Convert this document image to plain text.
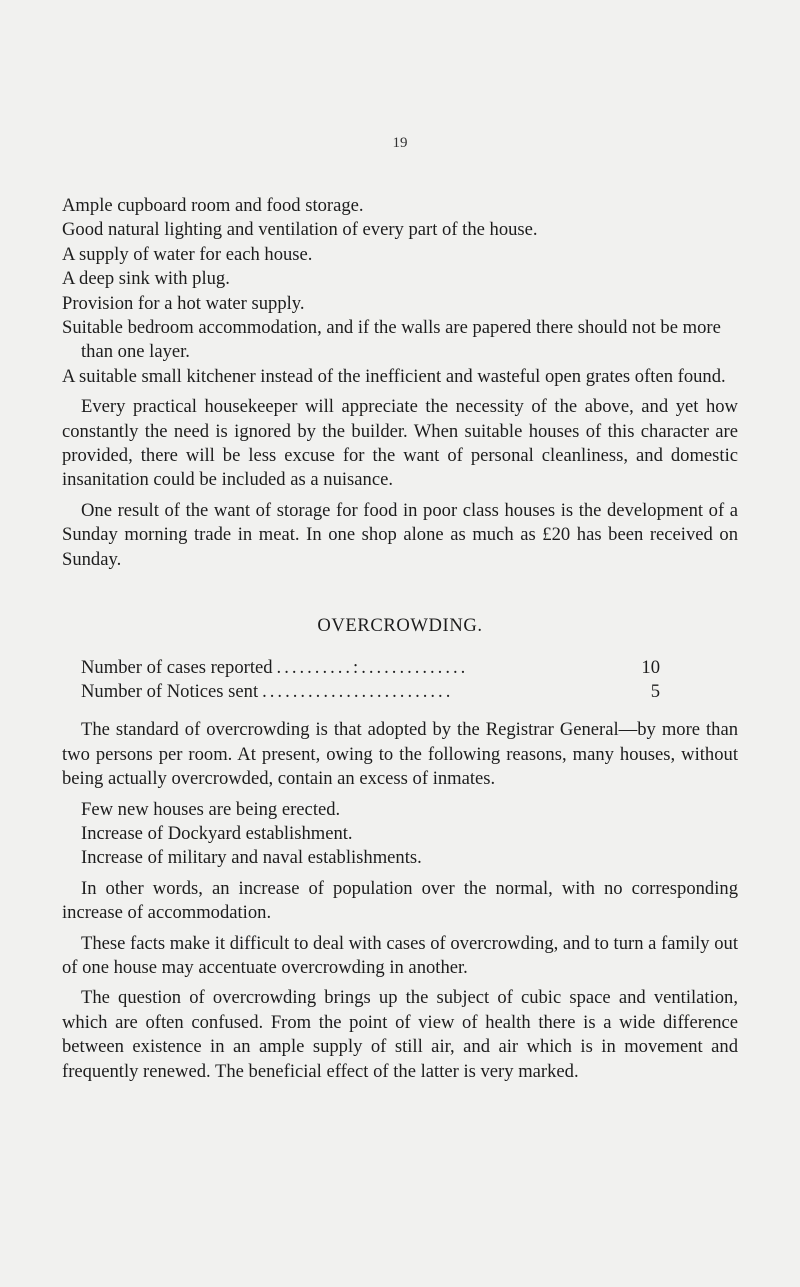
19
Ample cupboard room and food storage.
Good natural lighting and ventilation of every part of the house.
A supply of water for each house.
A deep sink with plug.
Provision for a hot water supply.
Suitable bedroom accommodation, and if the walls are papered there should not be more than one layer.
A suitable small kitchener instead of the inefficient and wasteful open grates often found.
Every practical housekeeper will appreciate the necessity of the above, and yet how constantly the need is ignored by the builder. When suitable houses of this character are provided, there will be less excuse for the want of personal cleanliness, and domestic insanitation could be included as a nuisance.
One result of the want of storage for food in poor class houses is the development of a Sunday morning trade in meat. In one shop alone as much as £20 has been received on Sunday.
OVERCROWDING.
Number of cases reported ..........:..............	10
Number of Notices sent .........................	5
The standard of overcrowding is that adopted by the Registrar General—by more than two persons per room. At present, owing to the following reasons, many houses, without being actually overcrowded, contain an excess of inmates.
Few new houses are being erected.
Increase of Dockyard establishment.
Increase of military and naval establishments.
In other words, an increase of population over the normal, with no corresponding increase of accommodation.
These facts make it difficult to deal with cases of overcrowding, and to turn a family out of one house may accentuate overcrowding in another.
The question of overcrowding brings up the subject of cubic space and ventilation, which are often confused. From the point of view of health there is a wide difference between existence in an ample supply of still air, and air which is in movement and frequently renewed. The beneficial effect of the latter is very marked.
